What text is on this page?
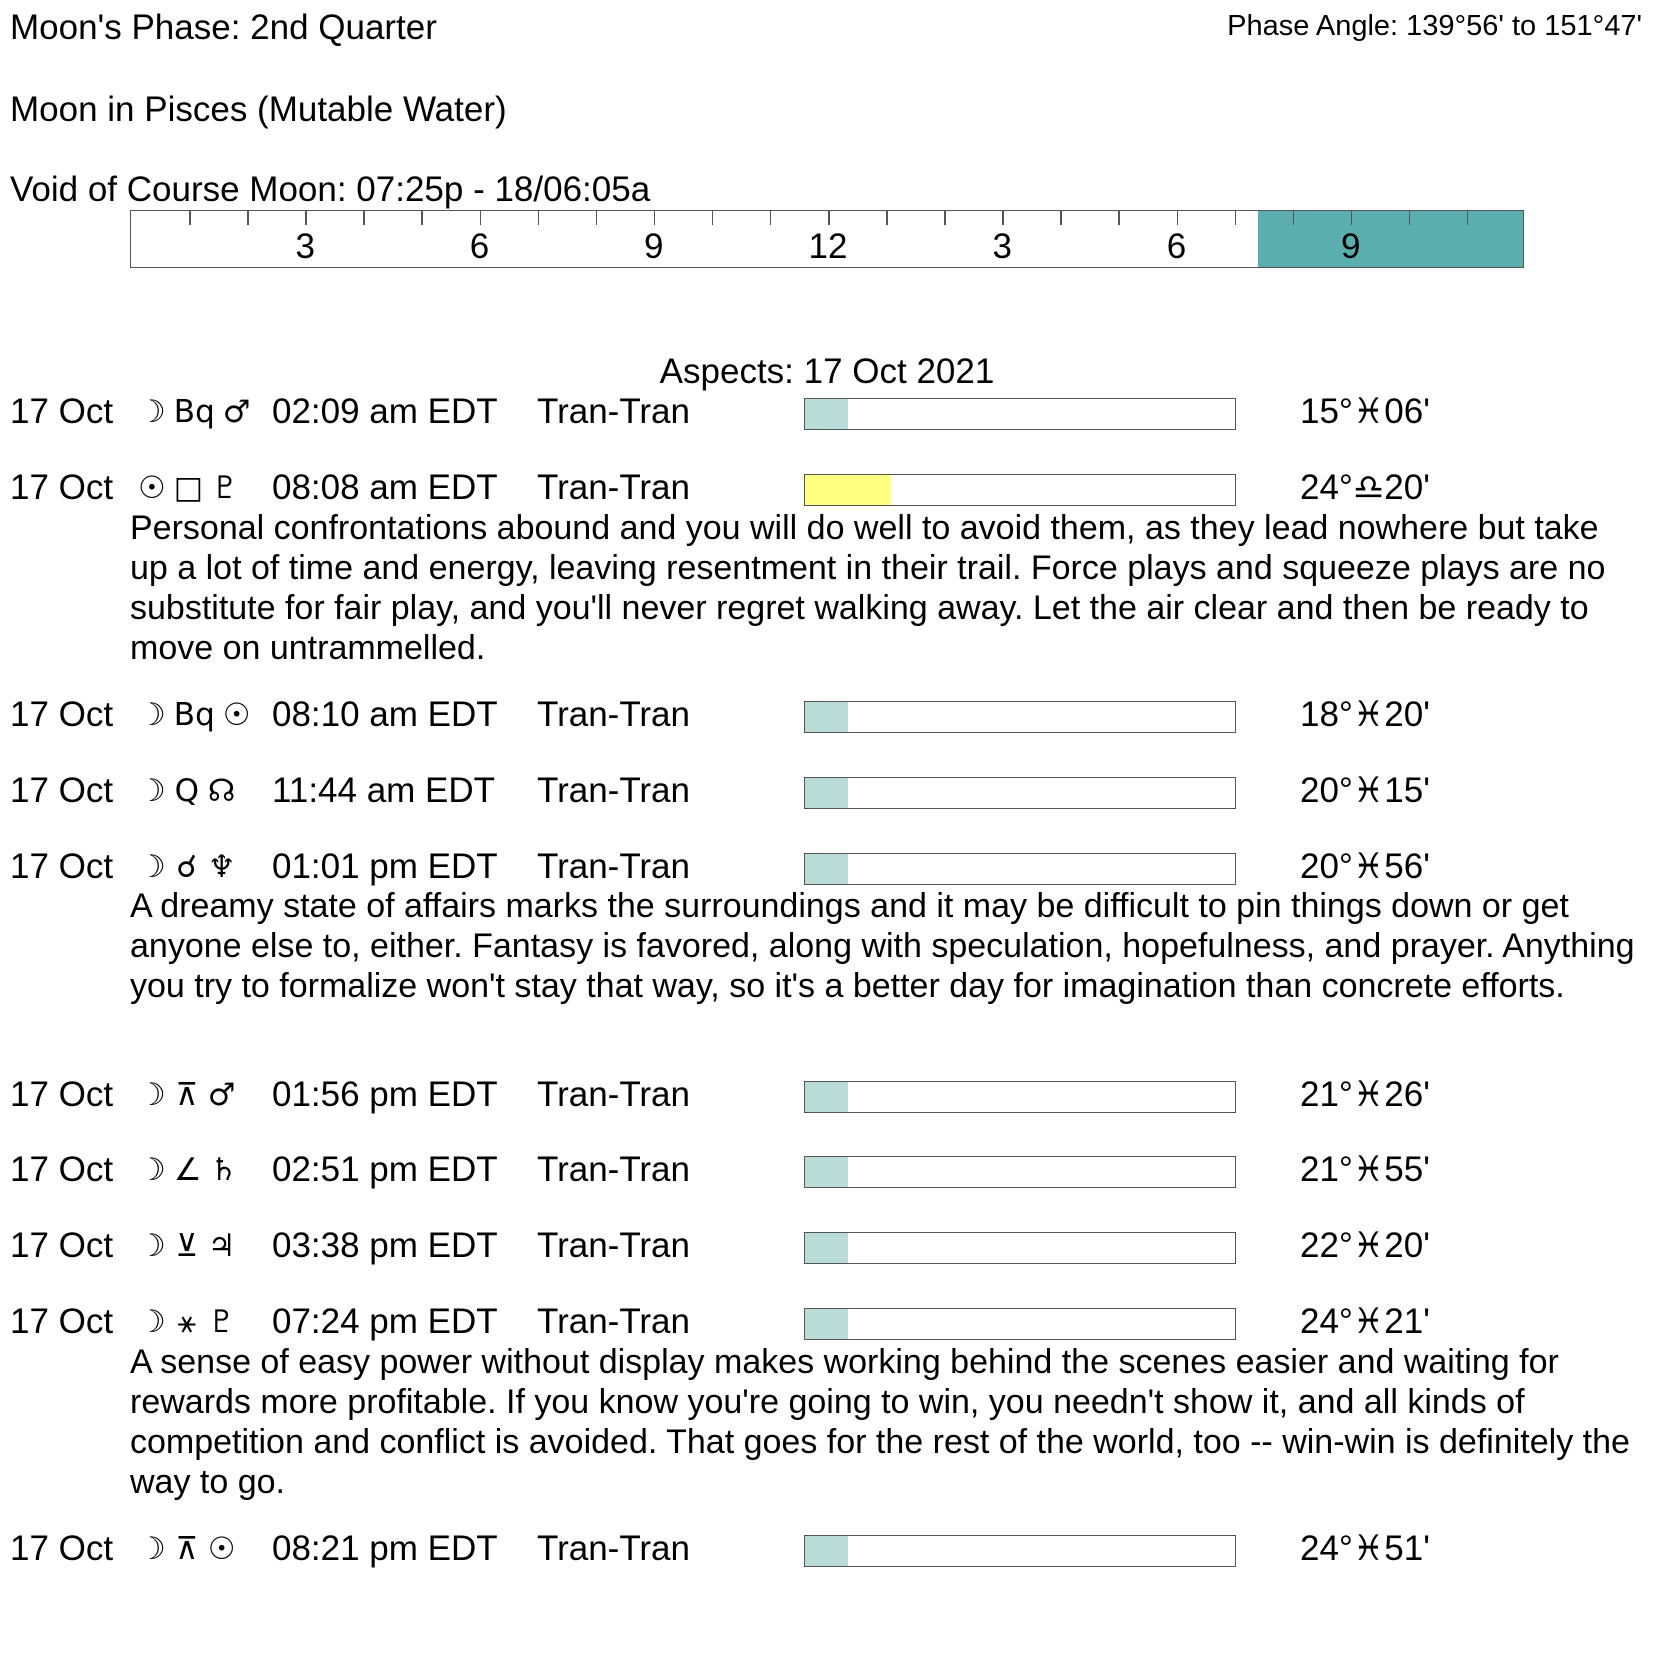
Moon's Phase: 2nd Quarter	Phase Angle: 139°56' to 151°47'
Moon in Pisces (Mutable Water)
Void of Course Moon: 07:25p - 18/06:05a
3	6	9	12	3	6	9
Aspects: 17 Oct 2021
17 Oct ☽ Bq ♂ 02:09 am EDT Tran-Tran	15°♓06'
17 Oct ☉ □ ♇ 08:08 am EDT Tran-Tran	24°♎20'
Personal confrontations abound and you will do well to avoid them, as they lead nowhere but take up a lot of time and energy, leaving resentment in their trail. Force plays and squeeze plays are no substitute for fair play, and you'll never regret walking away. Let the air clear and then be ready to move on untrammelled.
17 Oct ☽ Bq ☉ 08:10 am EDT Tran-Tran	18°♓20'
17 Oct ☽ Q ☊ 11:44 am EDT Tran-Tran	20°♓15'
17 Oct ☽ ☌ ♆ 01:01 pm EDT Tran-Tran	20°♓56'
A dreamy state of affairs marks the surroundings and it may be difficult to pin things down or get anyone else to, either. Fantasy is favored, along with speculation, hopefulness, and prayer. Anything you try to formalize won't stay that way, so it's a better day for imagination than concrete efforts.
17 Oct ☽ ⊼ ♂ 01:56 pm EDT Tran-Tran	21°♓26'
17 Oct ☽ ∠ ♄ 02:51 pm EDT Tran-Tran	21°♓55'
17 Oct ☽ ⊻ ♃ 03:38 pm EDT Tran-Tran	22°♓20'
17 Oct ☽ ⚹ ♇ 07:24 pm EDT Tran-Tran	24°♓21'
A sense of easy power without display makes working behind the scenes easier and waiting for rewards more profitable. If you know you're going to win, you needn't show it, and all kinds of competition and conflict is avoided. That goes for the rest of the world, too -- win-win is definitely the way to go.
17 Oct ☽ ⊼ ☉ 08:21 pm EDT Tran-Tran	24°♓51'
